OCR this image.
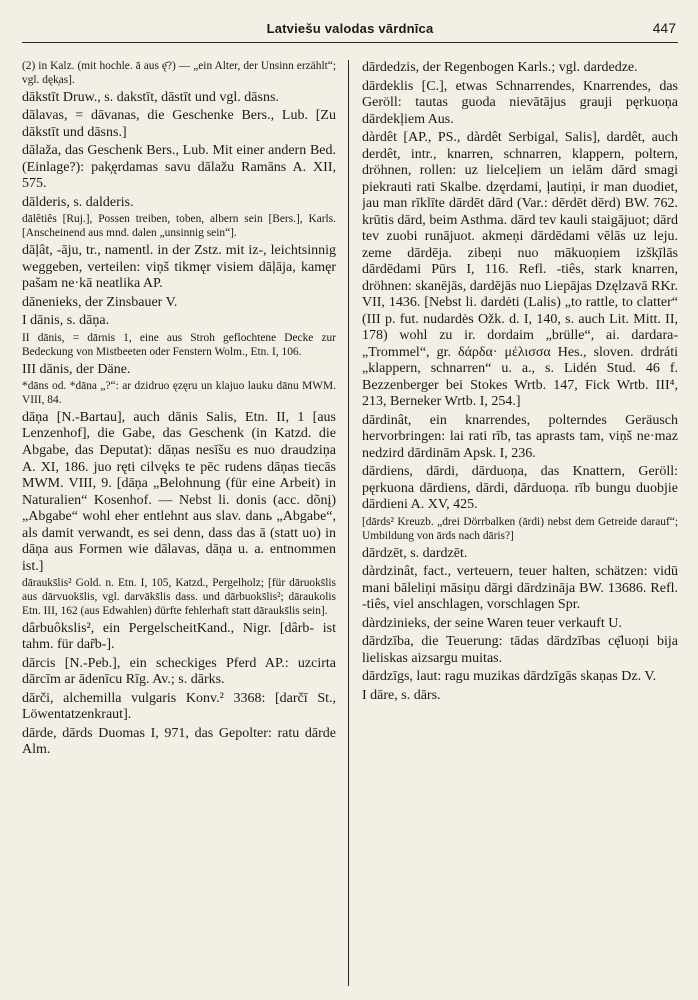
Latviešu valodas vārdnīca	447

(2) in Kalz. (mit hochle. ā aus ę̄?) — „ein Alter, der Unsinn erzählt“; vgl. dęk̦as].

dākstīt Druw., s. dakstīt, dāstīt und vgl. dāsns.

dālavas, = dāvanas, die Geschenke Bers., Lub. [Zu dākstīt und dāsns.]

dālaža, das Geschenk Bers., Lub. Mit einer andern Bed. (Einlage?): pak̦ęrdamas savu dālažu Ramāns A. XII, 575.

dālderis, s. dalderis.

dālêtiês [Ruj.], Possen treiben, toben, albern sein [Bers.], Karls. [Anscheinend aus mnd. dalen „unsinnig sein“].

dāļât, -āju, tr., namentl. in der Zstz. mit iz-, leichtsinnig weggeben, verteilen: viņš tikmęr visiem dāļāja, kamęr pašam ne·kā neatlika AP.

dānenieks, der Zinsbauer V.

I dānis, s. dāņa.

II dānis, = dārnis 1, eine aus Stroh geflochtene Decke zur Bedeckung von Mistbeeten oder Fenstern Wolm., Etn. I, 106.

III dānis, der Däne.

*dāns od. *dāna „?“: ar dzidruo ęzęru un klajuo lauku dānu MWM. VIII, 84.

dāņa [N.-Bartau], auch dānis Salis, Etn. II, 1 [aus Lenzenhof], die Gabe, das Geschenk (in Katzd. die Abgabe, das Deputat): dāņas nesīšu es nuo draudziņa A. XI, 186. juo ręti cilvęks te pēc rudens dāņas tiecās MWM. VIII, 9. [dāņa „Belohnung (für eine Arbeit) in Naturalien“ Kosenhof. — Nebst li. donis (acc. dõnį) „Abgabe“ wohl eher entlehnt aus slav. danь „Abgabe“, als damit verwandt, es sei denn, dass das ā (statt uo) in dāņa aus Formen wie dālavas, dāņa u. a. entnommen ist.]

dārauks̄lis² Gold. n. Etn. I, 105, Katzd., Pergelholz; [für dāruoks̄lis aus dārvuoks̄lis, vgl. darvāks̄lis dass. und dārbuoks̄lis²; dāraukolis Etn. III, 162 (aus Edwahlen) dürfte fehlerhaft statt dārauks̄lis sein].

dârbuôkslis², ein PergelscheitKand., Nigr. [dârb- ist tahm. für dar̃b-].

dārcis [N.-Peb.], ein scheckiges Pferd AP.: uzcirta dārcīm ar ādenīcu Rīg. Av.; s. dārks.

dārči, alchemilla vulgaris Konv.² 3368: [darčī St., Löwentatzenkraut].

dārde, dārds Duomas I, 971, das Gepolter: ratu dārde Alm.

dārdedzis, der Regenbogen Karls.; vgl. dardedze.

dārdeklis [C.], etwas Schnarrendes, Knarrendes, das Geröll: tautas guoda nievātājus grauji pęrkuoņa dārdekļiem Aus.

dàrdêt [AP., PS., dàrdêt Serbigal, Salis], dardêt, auch derdêt, intr., knarren, schnarren, klappern, poltern, dröhnen, rollen: uz lielceļiem un ielām dārd smagi piekrauti rati Skalbe. dzęrdami, ļautiņi, ir man duodiet, jau man rīklīte dārdēt dārd (Var.: dērdēt dērd) BW. 762. krūtis dārd, beim Asthma. dārd tev kauli staigājuot; dārd tev zuobi runājuot. akmeņi dārdēdami vēlās uz leju. zeme dārdēja. zibeņi nuo mākuoņiem izšk̦īlās dārdēdami Pūrs I, 116. Refl. -tiês, stark knarren, dröhnen: skanējās, dardējās nuo Liepājas Dzęlzavā RKr. VII, 1436. [Nebst li. dardėti (Lalis) „to rattle, to clatter“ (III p. fut. nudardės Ožk. d. I, 140, s. auch Lit. Mitt. II, 178) wohl zu ir. dordaim „brülle“, ai. dardara- „Trommel“, gr. δάρδα· μέλισσα Hes., sloven. drdráti „klappern, schnarren“ u. a., s. Lidén Stud. 46 f. Bezzenberger bei Stokes Wrtb. 147, Fick Wrtb. III⁴, 213, Berneker Wrtb. I, 254.]

dārdinât, ein knarrendes, polterndes Geräusch hervorbringen: lai rati rīb, tas aprasts tam, viņš ne·maz nedzird dārdinām Apsk. I, 236.

dārdiens, dārdi, dārduoņa, das Knattern, Geröll: pęrkuona dārdiens, dārdi, dārduoņa. rīb bungu duobjie dārdieni A. XV, 425.

[dārds² Kreuzb. „drei Dörrbalken (ārdi) nebst dem Getreide darauf“; Umbildung von ārds nach dāris?]

dārdzēt, s. dardzēt.

dàrdzinât, fact., verteuern, teuer halten, schätzen: vidū mani bāleliņi māsiņu dārgi dārdzināja BW. 13686. Refl. -tiês, viel anschlagen, vorschlagen Spr.

dàrdzinieks, der seine Waren teuer verkauft U.

dārdzība, die Teuerung: tādas dārdzības cę̄luoņi bija lieliskas aizsargu muitas.

dārdzīgs, laut: ragu muzikas dārdzīgās skaņas Dz. V.

I dāre, s. dārs.
